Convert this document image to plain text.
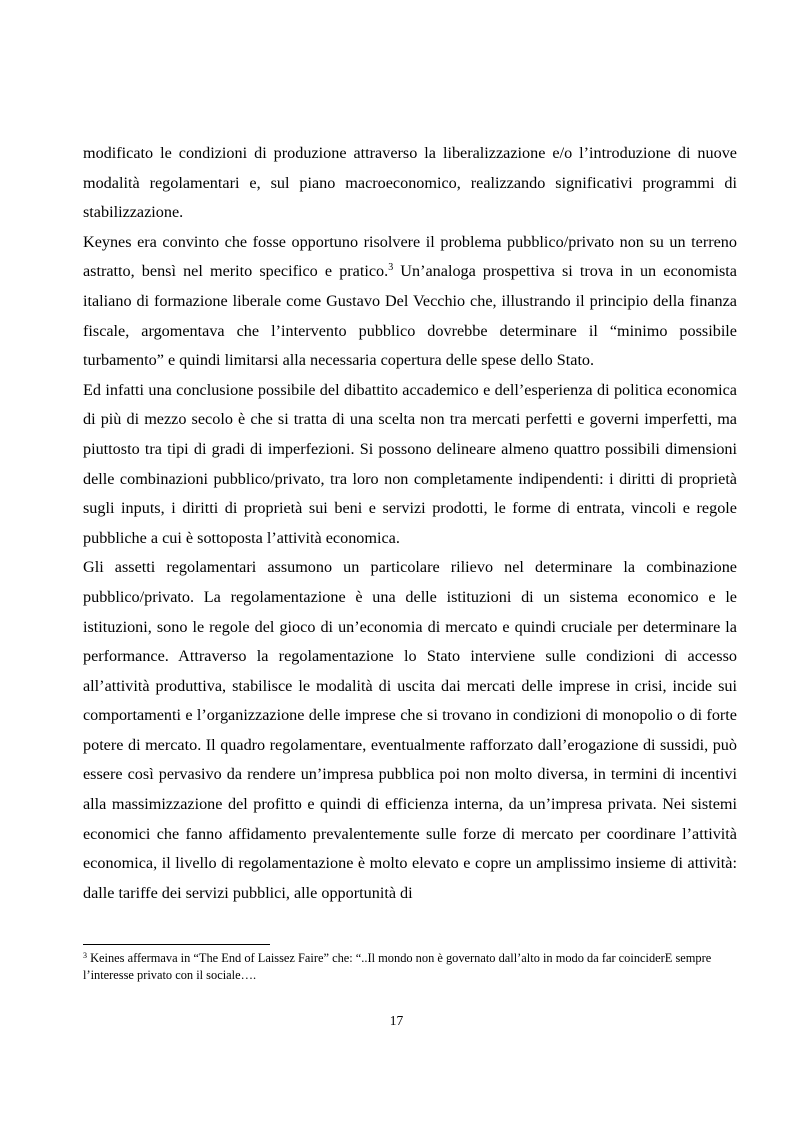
modificato le condizioni di produzione attraverso la liberalizzazione e/o l’introduzione di nuove modalità regolamentari e, sul piano macroeconomico, realizzando significativi programmi di stabilizzazione.

Keynes era convinto che fosse opportuno risolvere il problema pubblico/privato non su un terreno astratto, bensì nel merito specifico e pratico.$^3$ Un’analoga prospettiva si trova in un economista italiano di formazione liberale come Gustavo Del Vecchio che, illustrando il principio della finanza fiscale, argomentava che l’intervento pubblico dovrebbe determinare il “minimo possibile turbamento” e quindi limitarsi alla necessaria copertura delle spese dello Stato.

Ed infatti una conclusione possibile del dibattito accademico e dell’esperienza di politica economica di più di mezzo secolo è che si tratta di una scelta non tra mercati perfetti e governi imperfetti, ma piuttosto tra tipi di gradi di imperfezioni. Si possono delineare almeno quattro possibili dimensioni delle combinazioni pubblico/privato, tra loro non completamente indipendenti: i diritti di proprietà sugli inputs, i diritti di proprietà sui beni e servizi prodotti, le forme di entrata, vincoli e regole pubbliche a cui è sottoposta l’attività economica.

Gli assetti regolamentari assumono un particolare rilievo nel determinare la combinazione pubblico/privato. La regolamentazione è una delle istituzioni di un sistema economico e le istituzioni, sono le regole del gioco di un’economia di mercato e quindi cruciale per determinare la performance. Attraverso la regolamentazione lo Stato interviene sulle condizioni di accesso all’attività produttiva, stabilisce le modalità di uscita dai mercati delle imprese in crisi, incide sui comportamenti e l’organizzazione delle imprese che si trovano in condizioni di monopolio o di forte potere di mercato. Il quadro regolamentare, eventualmente rafforzato dall’erogazione di sussidi, può essere così pervasivo da rendere un’impresa pubblica poi non molto diversa, in termini di incentivi alla massimizzazione del profitto e quindi di efficienza interna, da un’impresa privata. Nei sistemi economici che fanno affidamento prevalentemente sulle forze di mercato per coordinare l’attività economica, il livello di regolamentazione è molto elevato e copre un amplissimo insieme di attività: dalle tariffe dei servizi pubblici, alle opportunità di

$^3$ Keines affermava in “The End of Laissez Faire” che: “..Il mondo non è governato dall’alto in modo da far coinciderE sempre l’interesse privato con il sociale….
17
